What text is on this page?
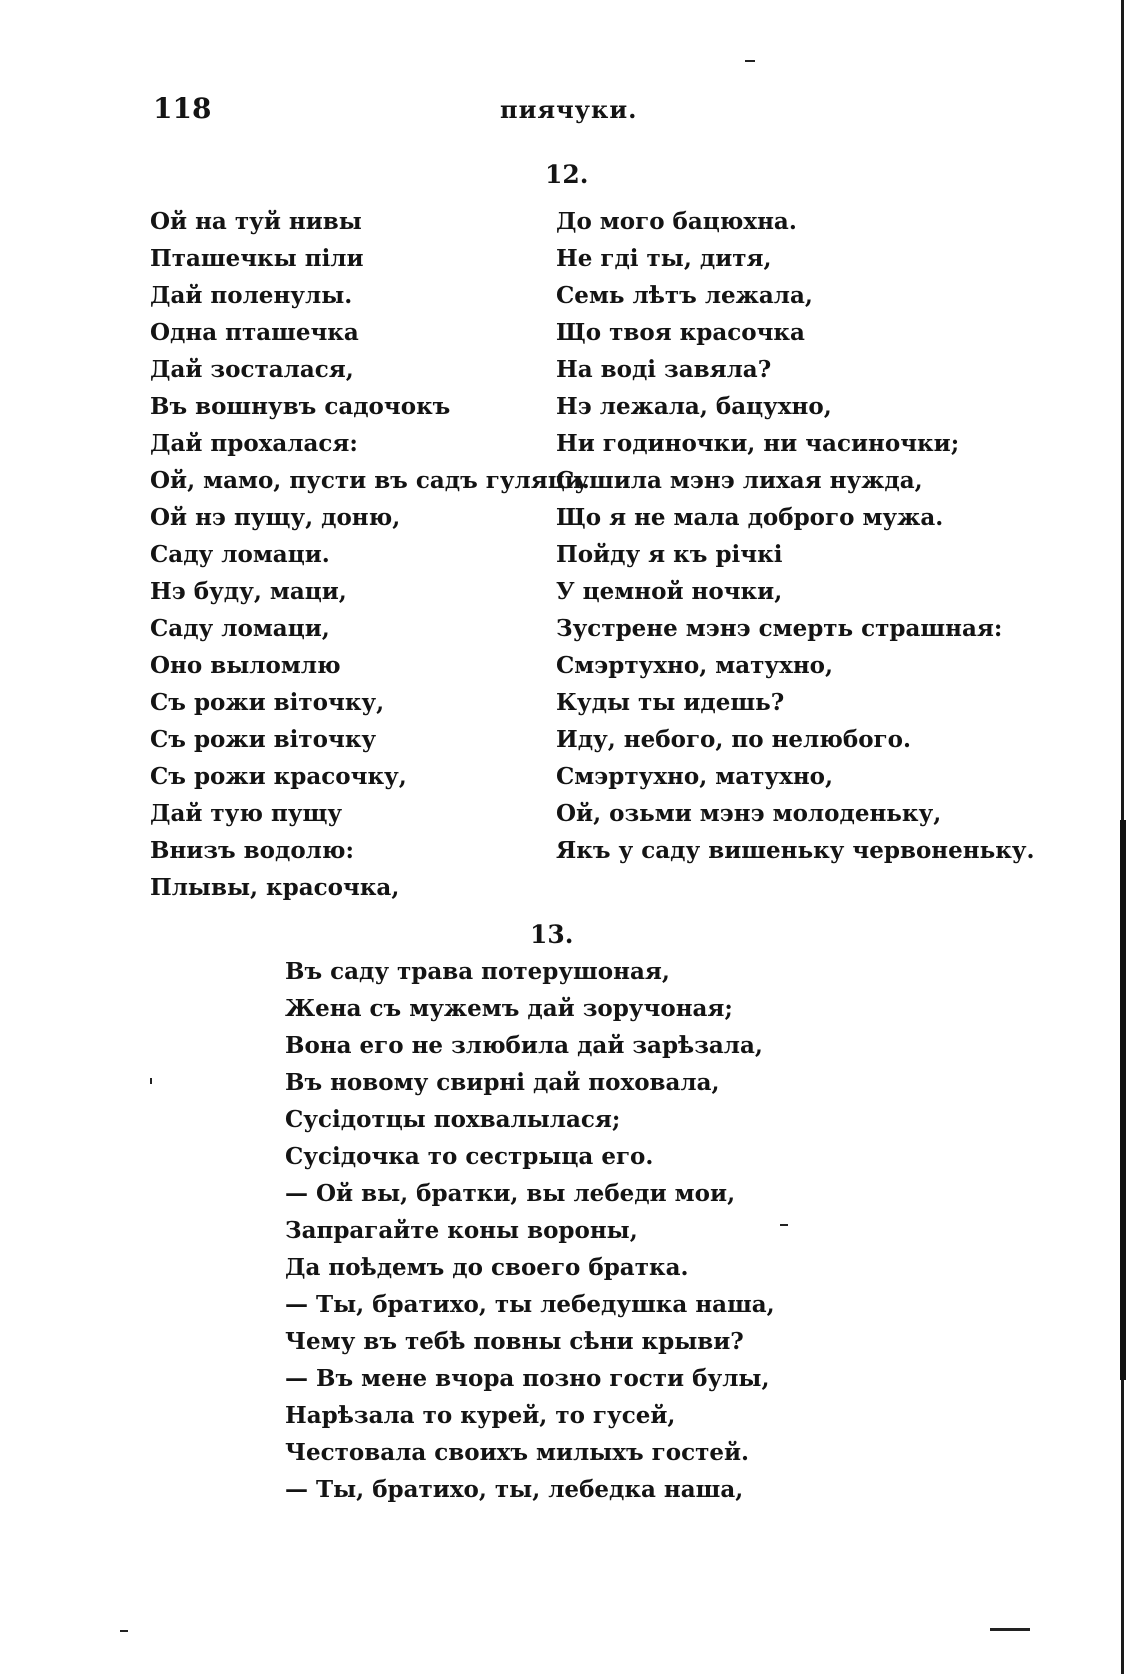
118	пиячуки.
12.
Ой на туй нивы
Пташечкы піли
Дай поленулы.
Одна пташечка
Дай зосталася,
Въ вошнувъ садочокъ
Дай прохалася:
Ой, мамо, пусти въ садъ гуляци.
Ой нэ пущу, доню,
Саду ломаци.
Нэ буду, маци,
Саду ломаци,
Оно выломлю
Съ рожи віточку,
Съ рожи віточку
Съ рожи красочку,
Дай тую пущу
Внизъ водолю:
Плывы, красочка,
До мого бацюхна.
Не гді ты, дитя,
Семь лѣтъ лежала,
Що твоя красочка
На воді завяла?
Нэ лежала, бацухно,
Ни годиночки, ни часиночки;
Сушила мэнэ лихая нужда,
Що я не мала доброго мужа.
Пойду я къ річкі
У цемной ночки,
Зустрене мэнэ смерть страшная:
Смэртухно, матухно,
Куды ты идешь?
Иду, небого, по нелюбого.
Смэртухно, матухно,
Ой, озьми мэнэ молоденьку,
Якъ у саду вишеньку червоненьку.
13.
Въ саду трава потерушоная,
Жена съ мужемъ дай зоручоная;
Вона его не злюбила дай зарѣзала,
Въ новому свирні дай поховала,
Сусідотцы похвалылася;
Сусідочка то сестрыца его.
— Ой вы, братки, вы лебеди мои,
Запрагайте коны вороны,
Да поѣдемъ до своего братка.
— Ты, братихо, ты лебедушка наша,
Чему въ тебѣ повны сѣни крыви?
— Въ мене вчора позно гости булы,
Нарѣзала то курей, то гусей,
Честовала своихъ милыхъ гостей.
— Ты, братихо, ты, лебедка наша,
